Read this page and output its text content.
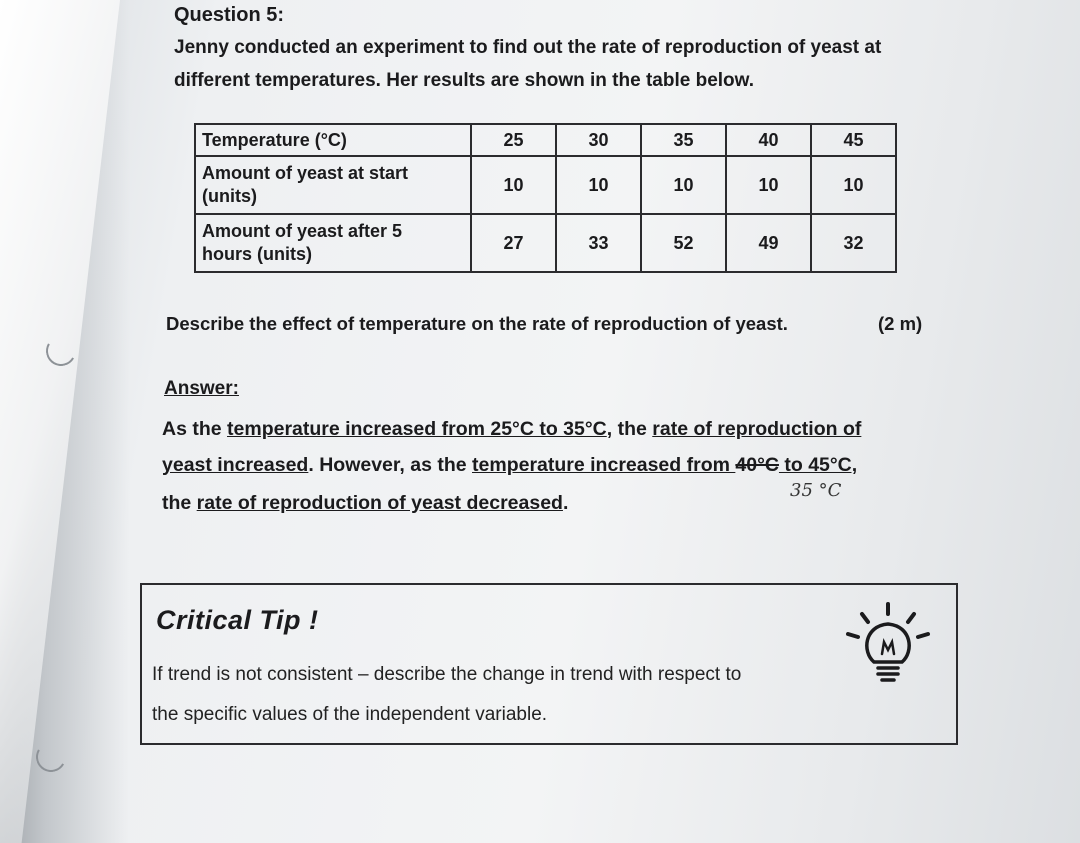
Question 5:
Jenny conducted an experiment to find out the rate of reproduction of yeast at
different temperatures. Her results are shown in the table below.
Temperature (°C)	25	30	35	40	45
Amount of yeast at start
(units)	10	10	10	10	10
Amount of yeast after 5
hours (units)	27	33	52	49	32
Describe the effect of temperature on the rate of reproduction of yeast.	(2 m)
Answer:
As the temperature increased from 25°C to 35°C, the rate of reproduction of
yeast increased. However, as the temperature increased from 40°C to 45°C,
35 °C
the rate of reproduction of yeast decreased.
Critical Tip !
If trend is not consistent – describe the change in trend with respect to
the specific values of the independent variable.
